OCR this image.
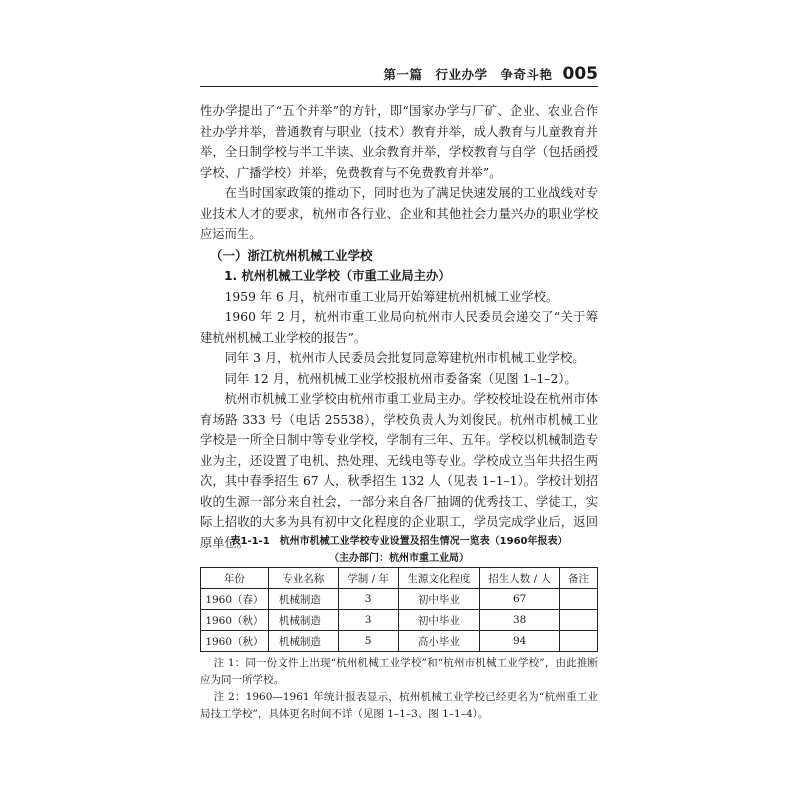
第一篇　行业办学　争奇斗艳 005

性办学提出了“五个并举”的方针，即“国家办学与厂矿、企业、农业合作社办学并举，普通教育与职业（技术）教育并举，成人教育与儿童教育并举，全日制学校与半工半读、业余教育并举，学校教育与自学（包括函授学校、广播学校）并举，免费教育与不免费教育并举”。

在当时国家政策的推动下，同时也为了满足快速发展的工业战线对专业技术人才的要求，杭州市各行业、企业和其他社会力量兴办的职业学校应运而生。

（一）浙江杭州机械工业学校

1. 杭州机械工业学校（市重工业局主办）

1959 年 6 月，杭州市重工业局开始筹建杭州机械工业学校。

1960 年 2 月，杭州市重工业局向杭州市人民委员会递交了“关于筹建杭州机械工业学校的报告”。

同年 3 月，杭州市人民委员会批复同意筹建杭州市机械工业学校。

同年 12 月，杭州机械工业学校报杭州市委备案（见图 1–1–2）。

杭州市机械工业学校由杭州市重工业局主办。学校校址设在杭州市体育场路 333 号（电话 25538），学校负责人为刘俊民。杭州市机械工业学校是一所全日制中等专业学校，学制有三年、五年。学校以机械制造专业为主，还设置了电机、热处理、无线电等专业。学校成立当年共招生两次，其中春季招生 67 人，秋季招生 132 人（见表 1–1–1）。学校计划招收的生源一部分来自社会，一部分来自各厂抽调的优秀技工、学徒工，实际上招收的大多为具有初中文化程度的企业职工，学员完成学业后，返回原单位。

表1-1-1　杭州市机械工业学校专业设置及招生情况一览表（1960年报表）
（主办部门：杭州市重工业局）
年份	专业名称	学制 / 年	生源文化程度	招生人数 / 人	备注
1960（春）	机械制造	3	初中毕业	67	
1960（秋）	机械制造	3	初中毕业	38	
1960（秋）	机械制造	5	高小毕业	94	

注 1：同一份文件上出现“杭州机械工业学校”和“杭州市机械工业学校”，由此推断应为同一所学校。

注 2：1960—1961 年统计报表显示，杭州机械工业学校已经更名为“杭州重工业局技工学校”，具体更名时间不详（见图 1–1–3、图 1–1–4）。
